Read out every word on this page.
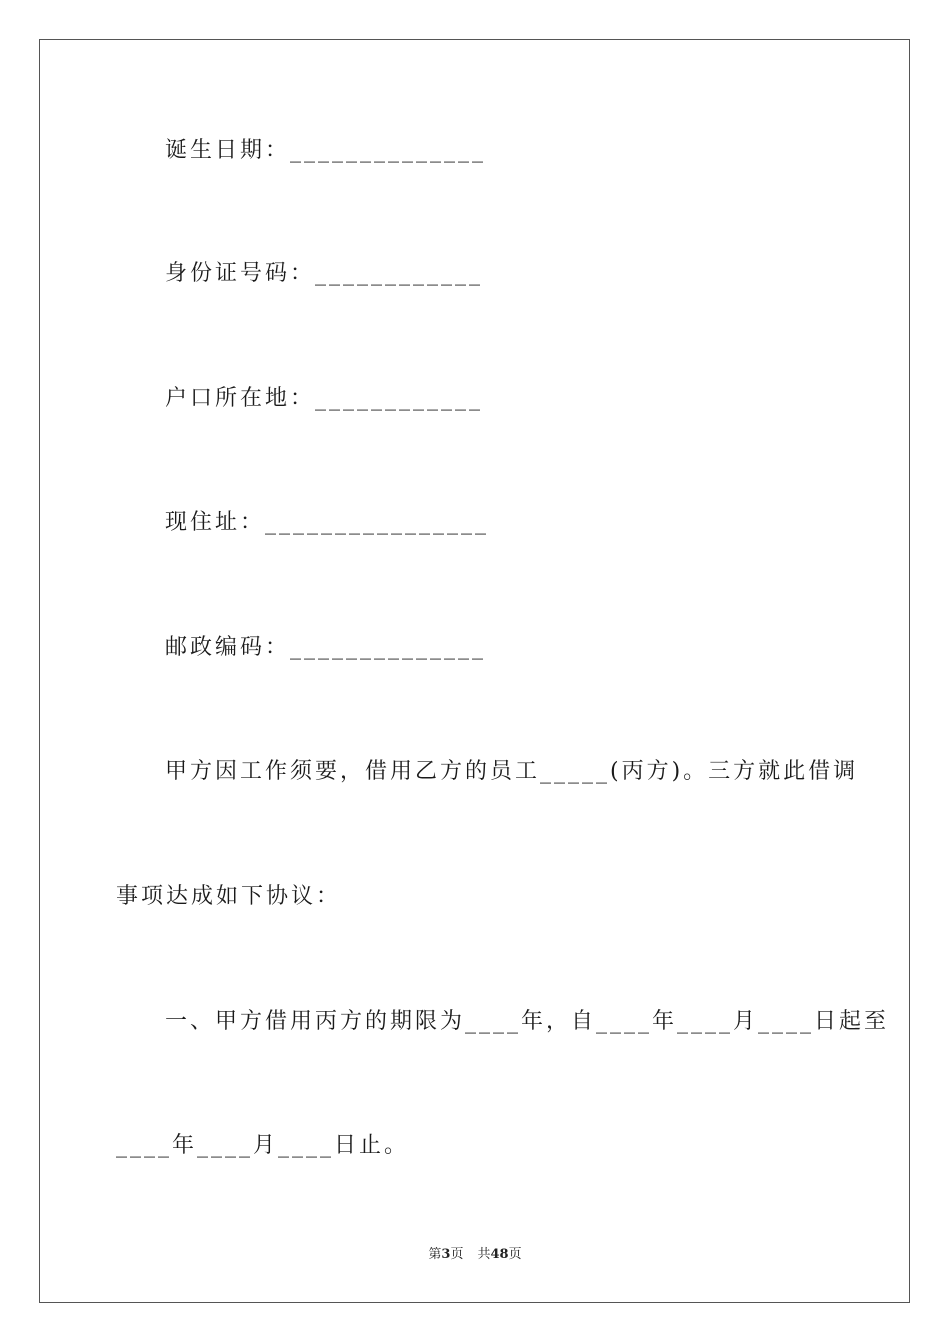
诞生日期：______________
身份证号码：____________
户口所在地：____________
现住址：________________
邮政编码：______________
甲方因工作须要，借用乙方的员工_____(丙方)。三方就此借调
事项达成如下协议：
一、甲方借用丙方的期限为____年，自____年____月____日起至
____年____月____日止。
第3页 共48页
